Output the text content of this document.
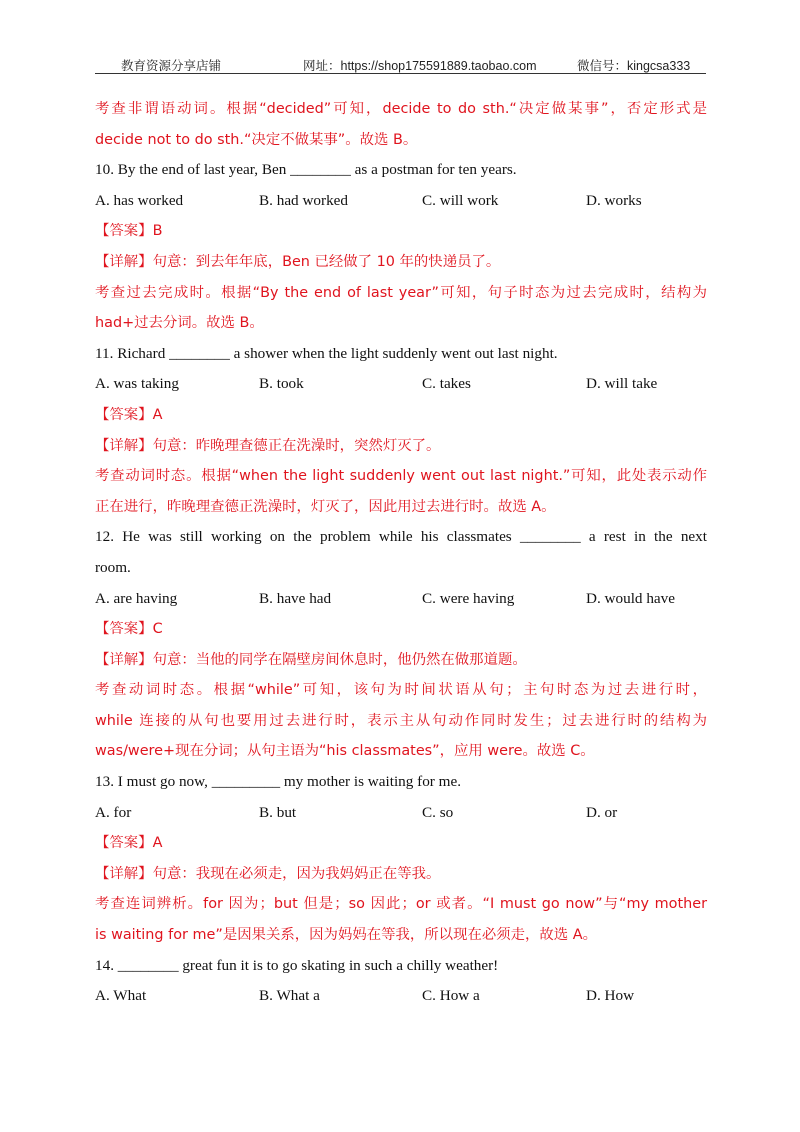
教育资源分享店铺	网址：https://shop175591889.taobao.com	微信号：kingcsa333
考查非谓语动词。根据“decided”可知，decide to do sth.“决定做某事”，否定形式是
decide not to do sth.“决定不做某事”。故选 B。
10. By the end of last year, Ben ________ as a postman for ten years.
A. has worked	B. had worked	C. will work	D. works
【答案】B
【详解】句意：到去年年底，Ben 已经做了 10 年的快递员了。
考查过去完成时。根据“By the end of last year”可知，句子时态为过去完成时，结构为
had+过去分词。故选 B。
11. Richard ________ a shower when the light suddenly went out last night.
A. was taking	B. took	C. takes	D. will take
【答案】A
【详解】句意：昨晚理查德正在洗澡时，突然灯灭了。
考查动词时态。根据“when the light suddenly went out last night.”可知，此处表示动作
正在进行，昨晚理查德正洗澡时，灯灭了，因此用过去进行时。故选 A。
12. He was still working on the problem while his classmates ________ a rest in the next
room.
A. are having	B. have had	C. were having	D. would have
【答案】C
【详解】句意：当他的同学在隔壁房间休息时，他仍然在做那道题。
考查动词时态。根据“while”可知，该句为时间状语从句；主句时态为过去进行时，
while 连接的从句也要用过去进行时，表示主从句动作同时发生；过去进行时的结构为
was/were+现在分词；从句主语为“his classmates”，应用 were。故选 C。
13. I must go now, _________ my mother is waiting for me.
A. for	B. but	C. so	D. or
【答案】A
【详解】句意：我现在必须走，因为我妈妈正在等我。
考查连词辨析。for 因为；but 但是；so 因此；or 或者。“I must go now”与“my mother
is waiting for me”是因果关系，因为妈妈在等我，所以现在必须走，故选 A。
14. ________ great fun it is to go skating in such a chilly weather!
A. What	B. What a	C. How a	D. How
